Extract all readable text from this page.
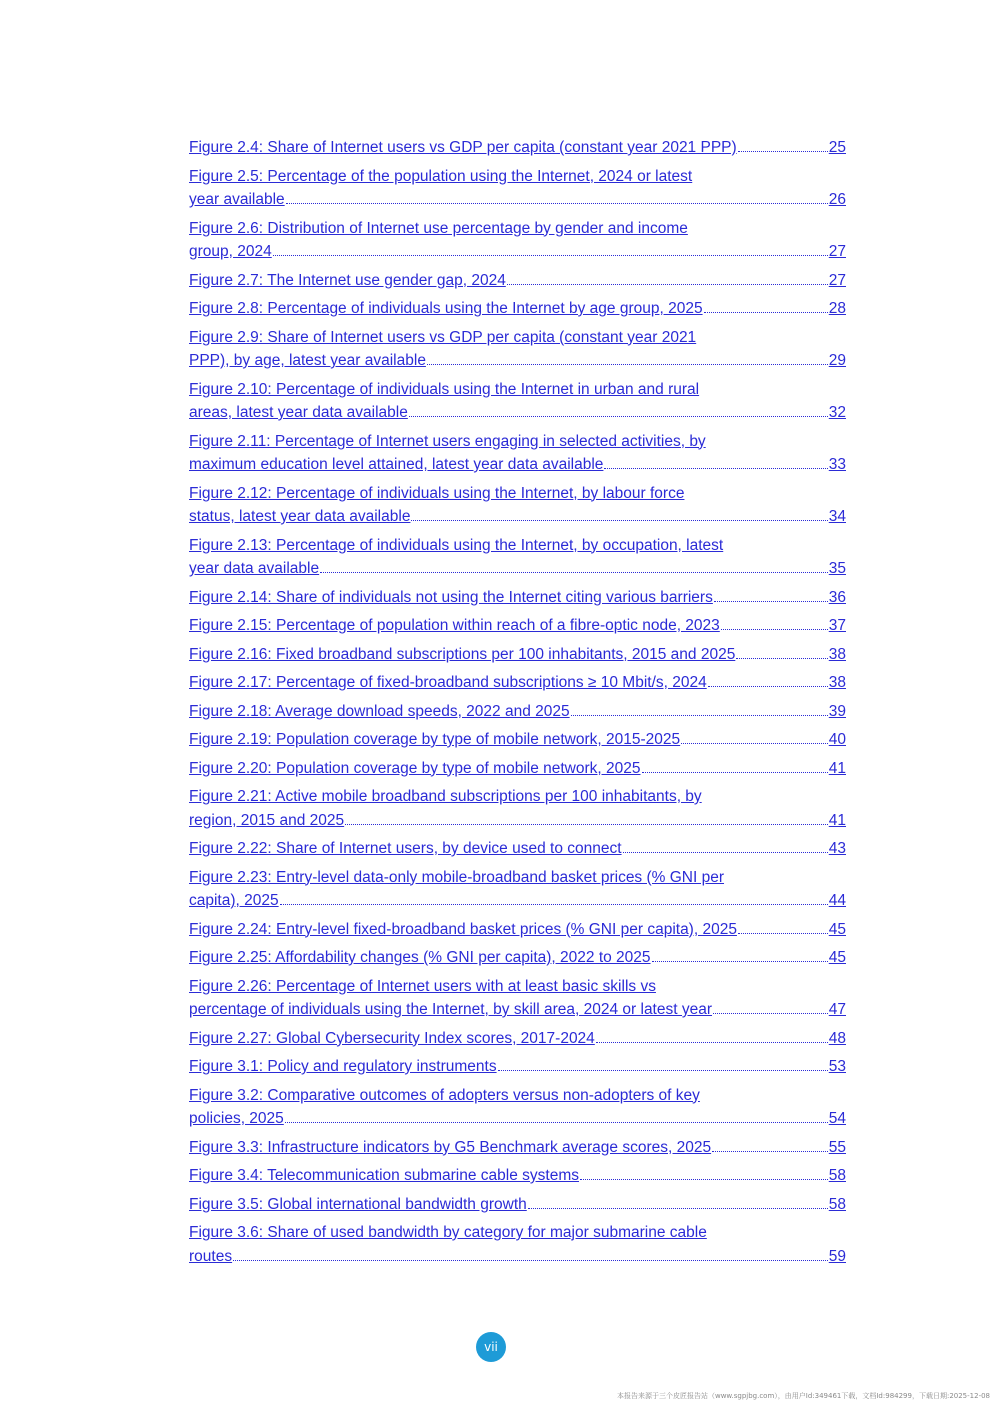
Figure 2.4: Share of Internet users vs GDP per capita (constant year 2021 PPP)	25
Figure 2.5: Percentage of the population using the Internet, 2024 or latest
year available	26
Figure 2.6: Distribution of Internet use percentage by gender and income
group, 2024	27
Figure 2.7: The Internet use gender gap, 2024	27
Figure 2.8: Percentage of individuals using the Internet by age group, 2025	28
Figure 2.9: Share of Internet users vs GDP per capita (constant year 2021
PPP), by age, latest year available	29
Figure 2.10: Percentage of individuals using the Internet in urban and rural
areas, latest year data available	32
Figure 2.11: Percentage of Internet users engaging in selected activities, by
maximum education level attained, latest year data available	33
Figure 2.12: Percentage of individuals using the Internet, by labour force
status, latest year data available	34
Figure 2.13: Percentage of individuals using the Internet, by occupation, latest
year data available	35
Figure 2.14: Share of individuals not using the Internet citing various barriers	36
Figure 2.15: Percentage of population within reach of a fibre-optic node, 2023	37
Figure 2.16: Fixed broadband subscriptions per 100 inhabitants, 2015 and 2025	38
Figure 2.17: Percentage of fixed-broadband subscriptions ≥ 10 Mbit/s, 2024	38
Figure 2.18: Average download speeds, 2022 and 2025	39
Figure 2.19: Population coverage by type of mobile network, 2015-2025	40
Figure 2.20: Population coverage by type of mobile network, 2025	41
Figure 2.21: Active mobile broadband subscriptions per 100 inhabitants, by
region, 2015 and 2025	41
Figure 2.22: Share of Internet users, by device used to connect	43
Figure 2.23: Entry-level data-only mobile-broadband basket prices (% GNI per
capita), 2025	44
Figure 2.24: Entry-level fixed-broadband basket prices (% GNI per capita), 2025	45
Figure 2.25: Affordability changes (% GNI per capita), 2022 to 2025	45
Figure 2.26: Percentage of Internet users with at least basic skills vs
percentage of individuals using the Internet, by skill area, 2024 or latest year	47
Figure 2.27: Global Cybersecurity Index scores, 2017-2024	48
Figure 3.1: Policy and regulatory instruments	53
Figure 3.2: Comparative outcomes of adopters versus non-adopters of key
policies, 2025	54
Figure 3.3: Infrastructure indicators by G5 Benchmark average scores, 2025	55
Figure 3.4: Telecommunication submarine cable systems	58
Figure 3.5: Global international bandwidth growth	58
Figure 3.6: Share of used bandwidth by category for major submarine cable
routes	59
vii
本报告来源于三个皮匠报告站（www.sgpjbg.com），由用户Id:349461下载，文档Id:984299，下载日期:2025-12-08
